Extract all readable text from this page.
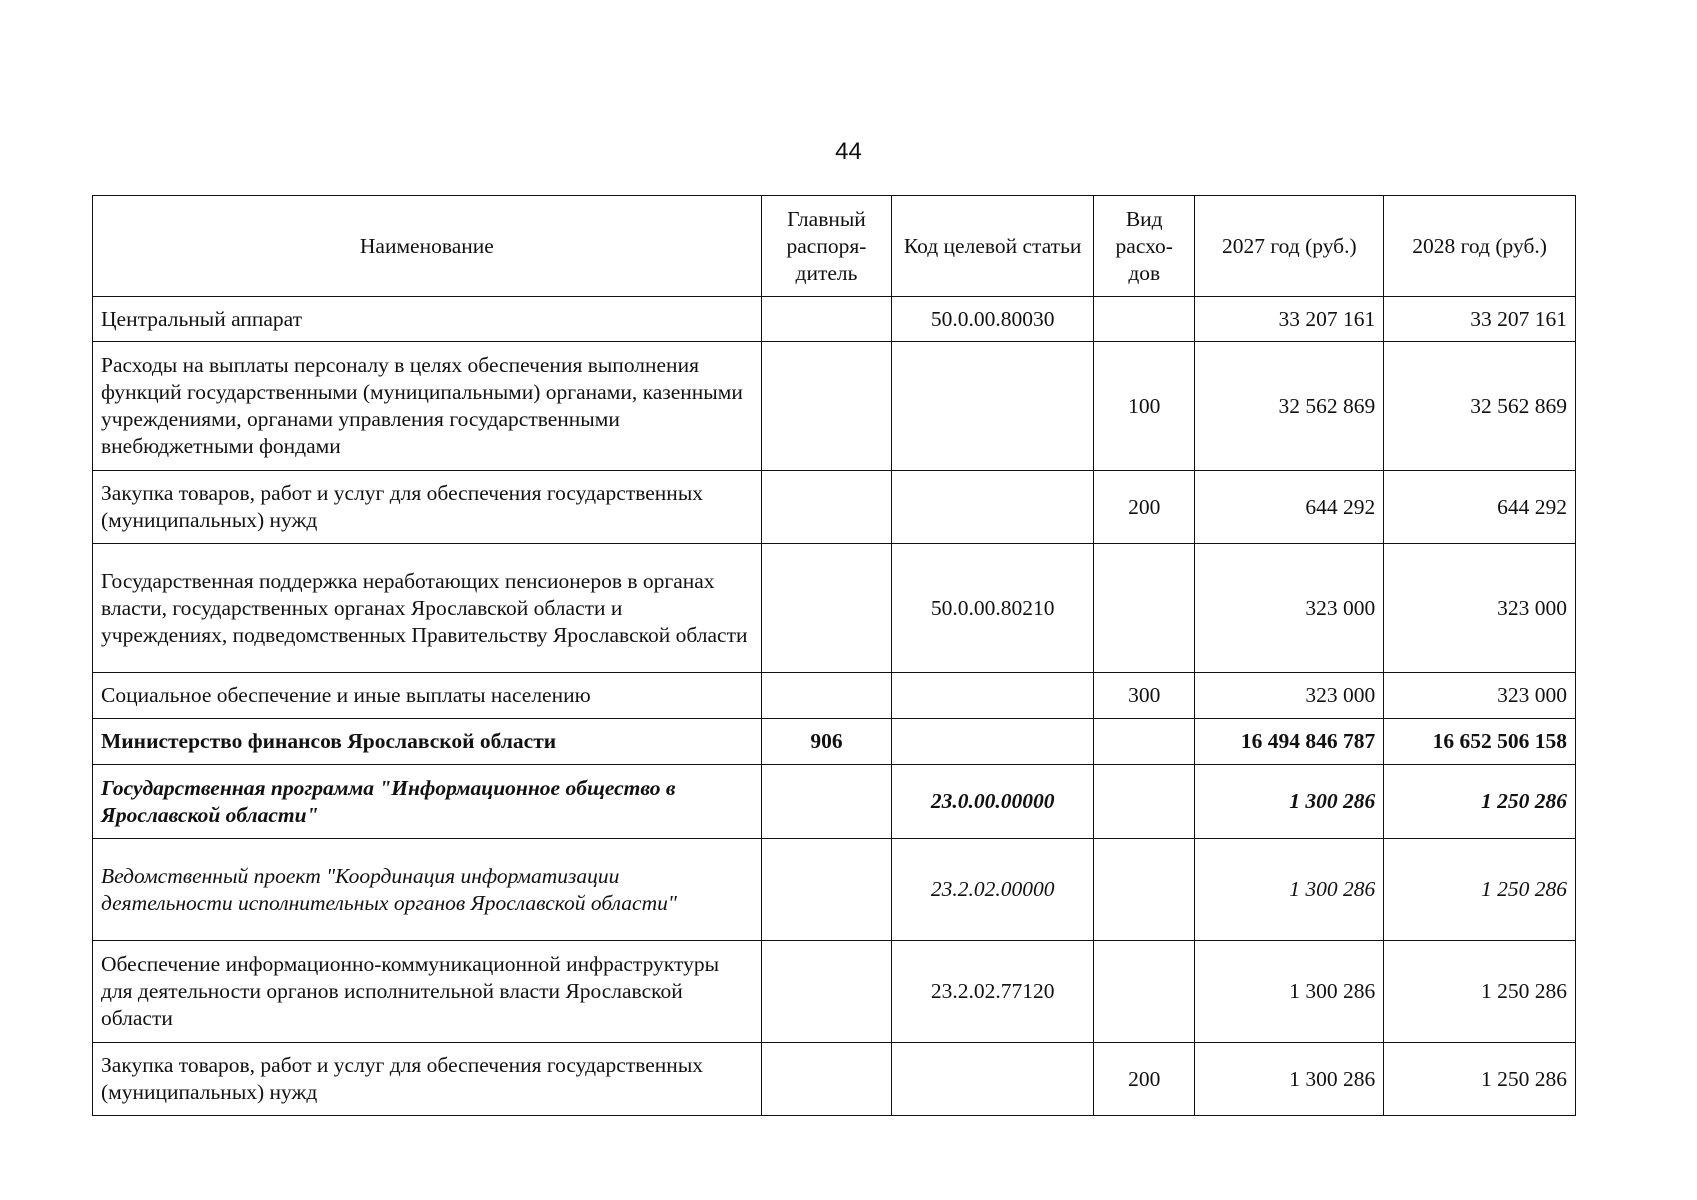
44
Наименование	Главный распоря-дитель	Код целевой статьи	Вид расхо-дов	2027 год (руб.)	2028 год (руб.)
Центральный аппарат		50.0.00.80030		33 207 161	33 207 161
Расходы на выплаты персоналу в целях обеспечения выполнения функций государственными (муниципальными) органами, казенными учреждениями, органами управления государственными внебюджетными фондами			100	32 562 869	32 562 869
Закупка товаров, работ и услуг для обеспечения государственных (муниципальных) нужд			200	644 292	644 292
Государственная поддержка неработающих пенсионеров в органах власти, государственных органах Ярославской области и учреждениях, подведомственных Правительству Ярославской области		50.0.00.80210		323 000	323 000
Социальное обеспечение и иные выплаты населению			300	323 000	323 000
Министерство финансов Ярославской области	906			16 494 846 787	16 652 506 158
Государственная программа "Информационное общество в Ярославской области"		23.0.00.00000		1 300 286	1 250 286
Ведомственный проект "Координация информатизации деятельности исполнительных органов Ярославской области"		23.2.02.00000		1 300 286	1 250 286
Обеспечение информационно-коммуникационной инфраструктуры для деятельности органов исполнительной власти Ярославской области		23.2.02.77120		1 300 286	1 250 286
Закупка товаров, работ и услуг для обеспечения государственных (муниципальных) нужд			200	1 300 286	1 250 286
